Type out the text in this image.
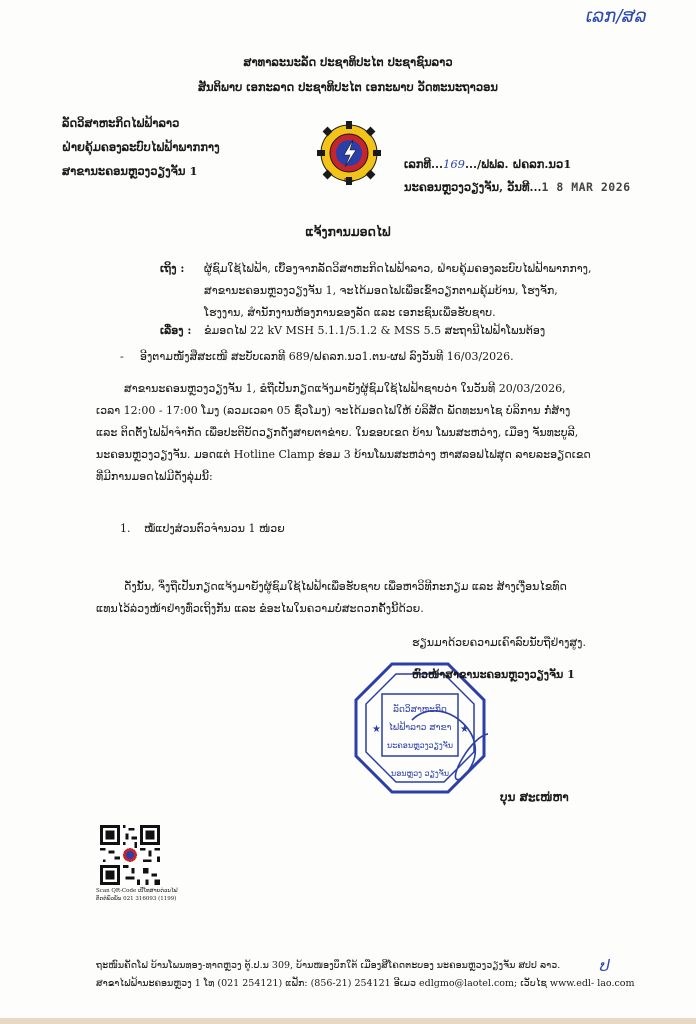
ເລກ/ສລ
ສາທາລະນະລັດ ປະຊາທິປະໄຕ ປະຊາຊົນລາວ
ສັນຕິພາບ ເອກະລາດ ປະຊາທິປະໄຕ ເອກະພາບ ວັດທະນະຖາວອນ
ລັດວິສາຫະກິດໄຟຟ້າລາວ
ຝ່າຍຄຸ້ມຄອງລະບົບໄຟຟ້າພາກກາງ
ສາຂານະຄອນຫຼວງວຽງຈັນ 1
EDL
ເລກທີ...169.../ຟຟລ. ຝຄລກ.ນວ1
ນະຄອນຫຼວງວຽງຈັນ, ວັນທີ...1 8 MAR 2026
ແຈ້ງການມອດໄຟ
ເຖິງ : ຜູ້ຊົມໃຊ້ໄຟຟ້າ, ເບື້ອງຈາກລັດວິສາຫະກິດໄຟຟ້າລາວ, ຝ່າຍຄຸ້ມຄອງລະບົບໄຟຟ້າພາກກາງ,
ສາຂານະຄອນຫຼວງວຽງຈັນ 1, ຈະໄດ້ມອດໄຟເພື່ອເຂົ້າວຽກຕາມຄຸ້ມບ້ານ, ໂຮງຈັກ,
ໂຮງງານ, ສໍານັກງານຫ້ອງການຂອງລັດ ແລະ ເອກະຊົນເພື່ອຮັບຊາບ.
ເລື່ອງ : ຂໍມອດໄຟ 22 kV MSH 5.1.1/5.1.2 & MSS 5.5 ສະຖານີໄຟຟ້າໂພນຕ້ອງ
- ອີງຕາມໜັງສືສະເໜີ ສະບັບເລກທີ 689/ຝຄລກ.ນວ1.ຕນ-ຜຟ ລົງວັນທີ 16/03/2026.
ສາຂານະຄອນຫຼວງວຽງຈັນ 1, ຂໍຖືເປັນກຽດແຈ້ງມາຍັງຜູ້ຊົມໃຊ້ໄຟຟ້າຊາບວ່າ ໃນວັນທີ 20/03/2026,
ເວລາ 12:00 - 17:00 ໂມງ (ລວມເວລາ 05 ຊົ່ວໂມງ) ຈະໄດ້ມອດໄຟໃຫ້ ບໍລິສັດ ພັດທະນາໄຊ ບໍລິການ ກໍ່ສ້າງ
ແລະ ຕິດຕັ້ງໄຟຟ້າຈໍາກັດ ເພື່ອປະຕິບັດວຽກດັ່ງສາຍຕາຂ່າຍ. ໃນຂອບເຂດ ບ້ານ ໂພນສະຫວ່າງ, ເມືອງ ຈັນທະບູລີ,
ນະຄອນຫຼວງວຽງຈັນ. ມອດແຕ່ Hotline Clamp ຮ່ອມ 3 ບ້ານໂພນສະຫວ່າງ ຫາສລອຟໄຟສຸດ ລາຍລະອຽດເຂດ
ທີ່ມີການມອດໄຟມີດັ່ງລຸ່ມນີ້:
1. ໝໍ້ແປງສ່ວນຕົວຈໍານວນ 1 ໜ່ວຍ
ດັ່ງນັ້ນ, ຈຶ່ງຖືເປັນກຽດແຈ້ງມາຍັງຜູ້ຊົມໃຊ້ໄຟຟ້າເພື່ອຮັບຊາບ ເພື່ອຫາວິທີກະກຽມ ແລະ ສ້າງເງື່ອນໄຂທົດ
ແທນໄວ້ລ່ວງໜ້າຢ່າງທົ່ວເຖິງກັນ ແລະ ຂໍອະໄພໃນຄວາມບໍ່ສະດວກຄັ້ງນີ້ດ້ວຍ.
ຮຽນມາດ້ວຍຄວາມເຄົາລົບນັບຖືຢ່າງສູງ.
ລັດວິສາຫະກິດ
ໄຟຟ້າລາວ ສາຂາ
ນະຄອນຫຼວງວຽງຈັນ
ນອນຫຼວງ ວຽງຈັນ
★	★
ຫົວໜ້າສາຂານະຄອນຫຼວງວຽງຈັນ 1
ບຸນ ສະເໜ່ຫາ
Scan QR-Code ເບີໂທສາຍດ່ວນໄຟ
ຕິດຕໍ່ພົວພັນ 021 316093 (1199)
ຖະໜົນຄັດໂຟ ບ້ານໂພນທອງ-ທາດຫຼວງ ຕູ້.ປ.ນ 309, ບ້ານໜອງບຶກໃຕ້ ເມືອງສີໂຄດຕະບອງ ນະຄອນຫຼວງວຽງຈັນ ສປປ ລາວ.
ສາຂາໄຟຟ້ານະຄອນຫຼວງ 1 ໂທ (021 254121) ແຟັກ: (856-21) 254121 ອີເມວ edlgmo@laotel.com; ເວັບໄຊ www.edl- lao.com
ປ
